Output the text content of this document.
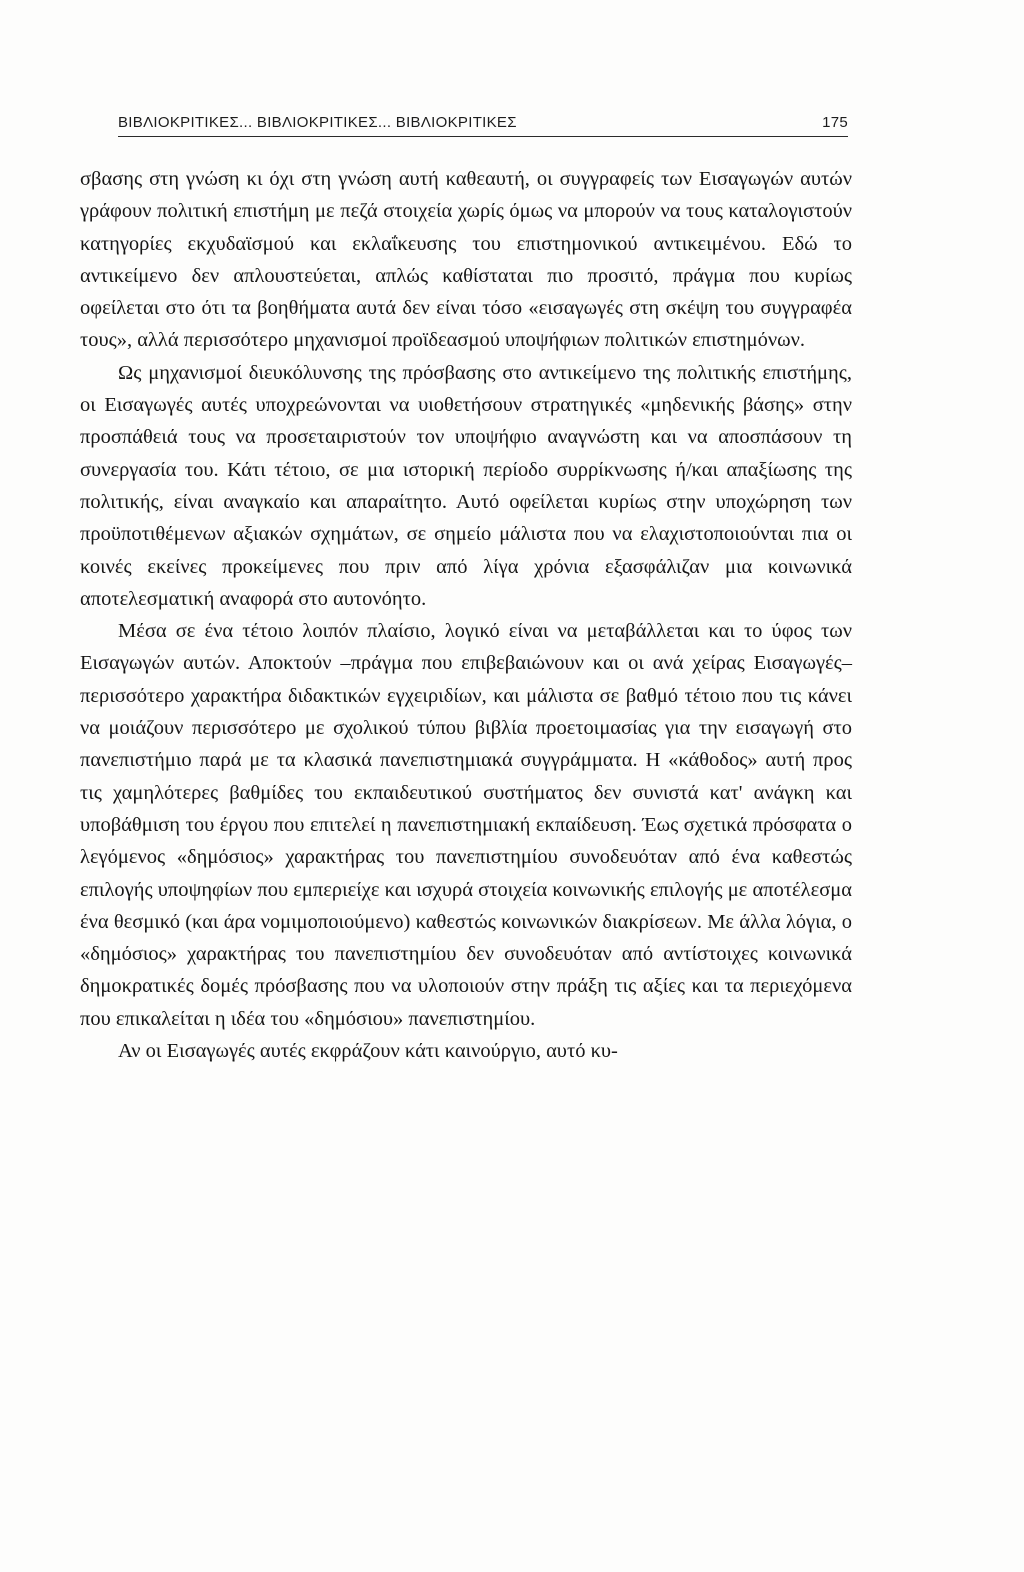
ΒΙΒΛΙΟΚΡΙΤΙΚΕΣ... ΒΙΒΛΙΟΚΡΙΤΙΚΕΣ... ΒΙΒΛΙΟΚΡΙΤΙΚΕΣ	175

σβασης στη γνώση κι όχι στη γνώση αυτή καθεαυτή, οι συγγραφείς των Εισαγωγών αυτών γράφουν πολιτική επιστήμη με πεζά στοιχεία χωρίς όμως να μπορούν να τους καταλογιστούν κατηγορίες εκχυδαϊσμού και εκλαΐκευσης του επιστημονικού αντικειμένου. Εδώ το αντικείμενο δεν απλουστεύεται, απλώς καθίσταται πιο προσιτό, πράγμα που κυρίως οφείλεται στο ότι τα βοηθήματα αυτά δεν είναι τόσο «εισαγωγές στη σκέψη του συγγραφέα τους», αλλά περισσότερο μηχανισμοί προϊδεασμού υποψήφιων πολιτικών επιστημόνων.

Ως μηχανισμοί διευκόλυνσης της πρόσβασης στο αντικείμενο της πολιτικής επιστήμης, οι Εισαγωγές αυτές υποχρεώνονται να υιοθετήσουν στρατηγικές «μηδενικής βάσης» στην προσπάθειά τους να προσεταιριστούν τον υποψήφιο αναγνώστη και να αποσπάσουν τη συνεργασία του. Κάτι τέτοιο, σε μια ιστορική περίοδο συρρίκνωσης ή/και απαξίωσης της πολιτικής, είναι αναγκαίο και απαραίτητο. Αυτό οφείλεται κυρίως στην υποχώρηση των προϋποτιθέμενων αξιακών σχημάτων, σε σημείο μάλιστα που να ελαχιστοποιούνται πια οι κοινές εκείνες προκείμενες που πριν από λίγα χρόνια εξασφάλιζαν μια κοινωνικά αποτελεσματική αναφορά στο αυτονόητο.

Μέσα σε ένα τέτοιο λοιπόν πλαίσιο, λογικό είναι να μεταβάλλεται και το ύφος των Εισαγωγών αυτών. Αποκτούν –πράγμα που επιβεβαιώνουν και οι ανά χείρας Εισαγωγές– περισσότερο χαρακτήρα διδακτικών εγχειριδίων, και μάλιστα σε βαθμό τέτοιο που τις κάνει να μοιάζουν περισσότερο με σχολικού τύπου βιβλία προετοιμασίας για την εισαγωγή στο πανεπιστήμιο παρά με τα κλασικά πανεπιστημιακά συγγράμματα. Η «κάθοδος» αυτή προς τις χαμηλότερες βαθμίδες του εκπαιδευτικού συστήματος δεν συνιστά κατ' ανάγκη και υποβάθμιση του έργου που επιτελεί η πανεπιστημιακή εκπαίδευση. Έως σχετικά πρόσφατα ο λεγόμενος «δημόσιος» χαρακτήρας του πανεπιστημίου συνοδευόταν από ένα καθεστώς επιλογής υποψηφίων που εμπεριείχε και ισχυρά στοιχεία κοινωνικής επιλογής με αποτέλεσμα ένα θεσμικό (και άρα νομιμοποιούμενο) καθεστώς κοινωνικών διακρίσεων. Με άλλα λόγια, ο «δημόσιος» χαρακτήρας του πανεπιστημίου δεν συνοδευόταν από αντίστοιχες κοινωνικά δημοκρατικές δομές πρόσβασης που να υλοποιούν στην πράξη τις αξίες και τα περιεχόμενα που επικαλείται η ιδέα του «δημόσιου» πανεπιστημίου.

Αν οι Εισαγωγές αυτές εκφράζουν κάτι καινούργιο, αυτό κυ-
